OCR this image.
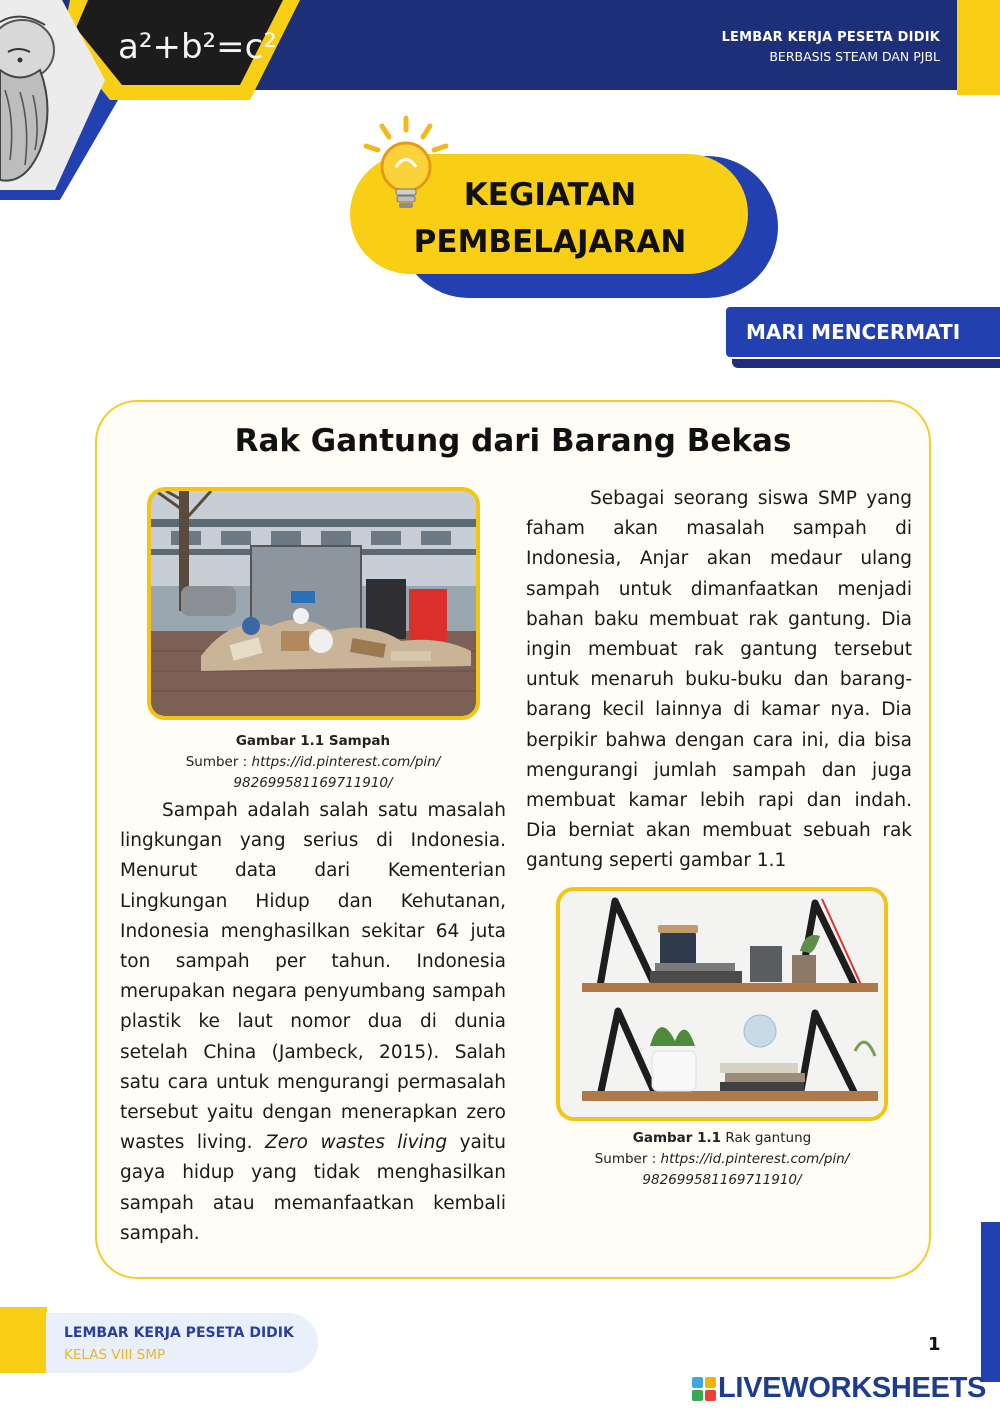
a²+b²=c²	LEMBAR KERJA PESETA DIDIK
BERBASIS STEAM DAN PJBL
KEGIATAN
PEMBELAJARAN
MARI MENCERMATI
Rak Gantung dari Barang Bekas
Gambar 1.1 Sampah
Sumber : https://id.pinterest.com/pin/
982699581169711910/
Sampah adalah salah satu masalah lingkungan yang serius di Indonesia. Menurut data dari Kementerian Lingkungan Hidup dan Kehutanan, Indonesia menghasilkan sekitar 64 juta ton sampah per tahun. Indonesia merupakan negara penyumbang sampah plastik ke laut nomor dua di dunia setelah China (Jambeck, 2015). Salah satu cara untuk mengurangi permasalah tersebut yaitu dengan menerapkan zero wastes living. Zero wastes living yaitu gaya hidup yang tidak menghasilkan sampah atau memanfaatkan kembali sampah.
Sebagai seorang siswa SMP yang faham akan masalah sampah di Indonesia, Anjar akan medaur ulang sampah untuk dimanfaatkan menjadi bahan baku membuat rak gantung. Dia ingin membuat rak gantung tersebut untuk menaruh buku-buku dan barang-barang kecil lainnya di kamar nya. Dia berpikir bahwa dengan cara ini, dia bisa mengurangi jumlah sampah dan juga membuat kamar lebih rapi dan indah. Dia berniat akan membuat sebuah rak gantung seperti gambar 1.1
Gambar 1.1 Rak gantung
Sumber : https://id.pinterest.com/pin/
982699581169711910/
LEMBAR KERJA PESETA DIDIK
KELAS VIII SMP	1
LIVEWORKSHEETS
